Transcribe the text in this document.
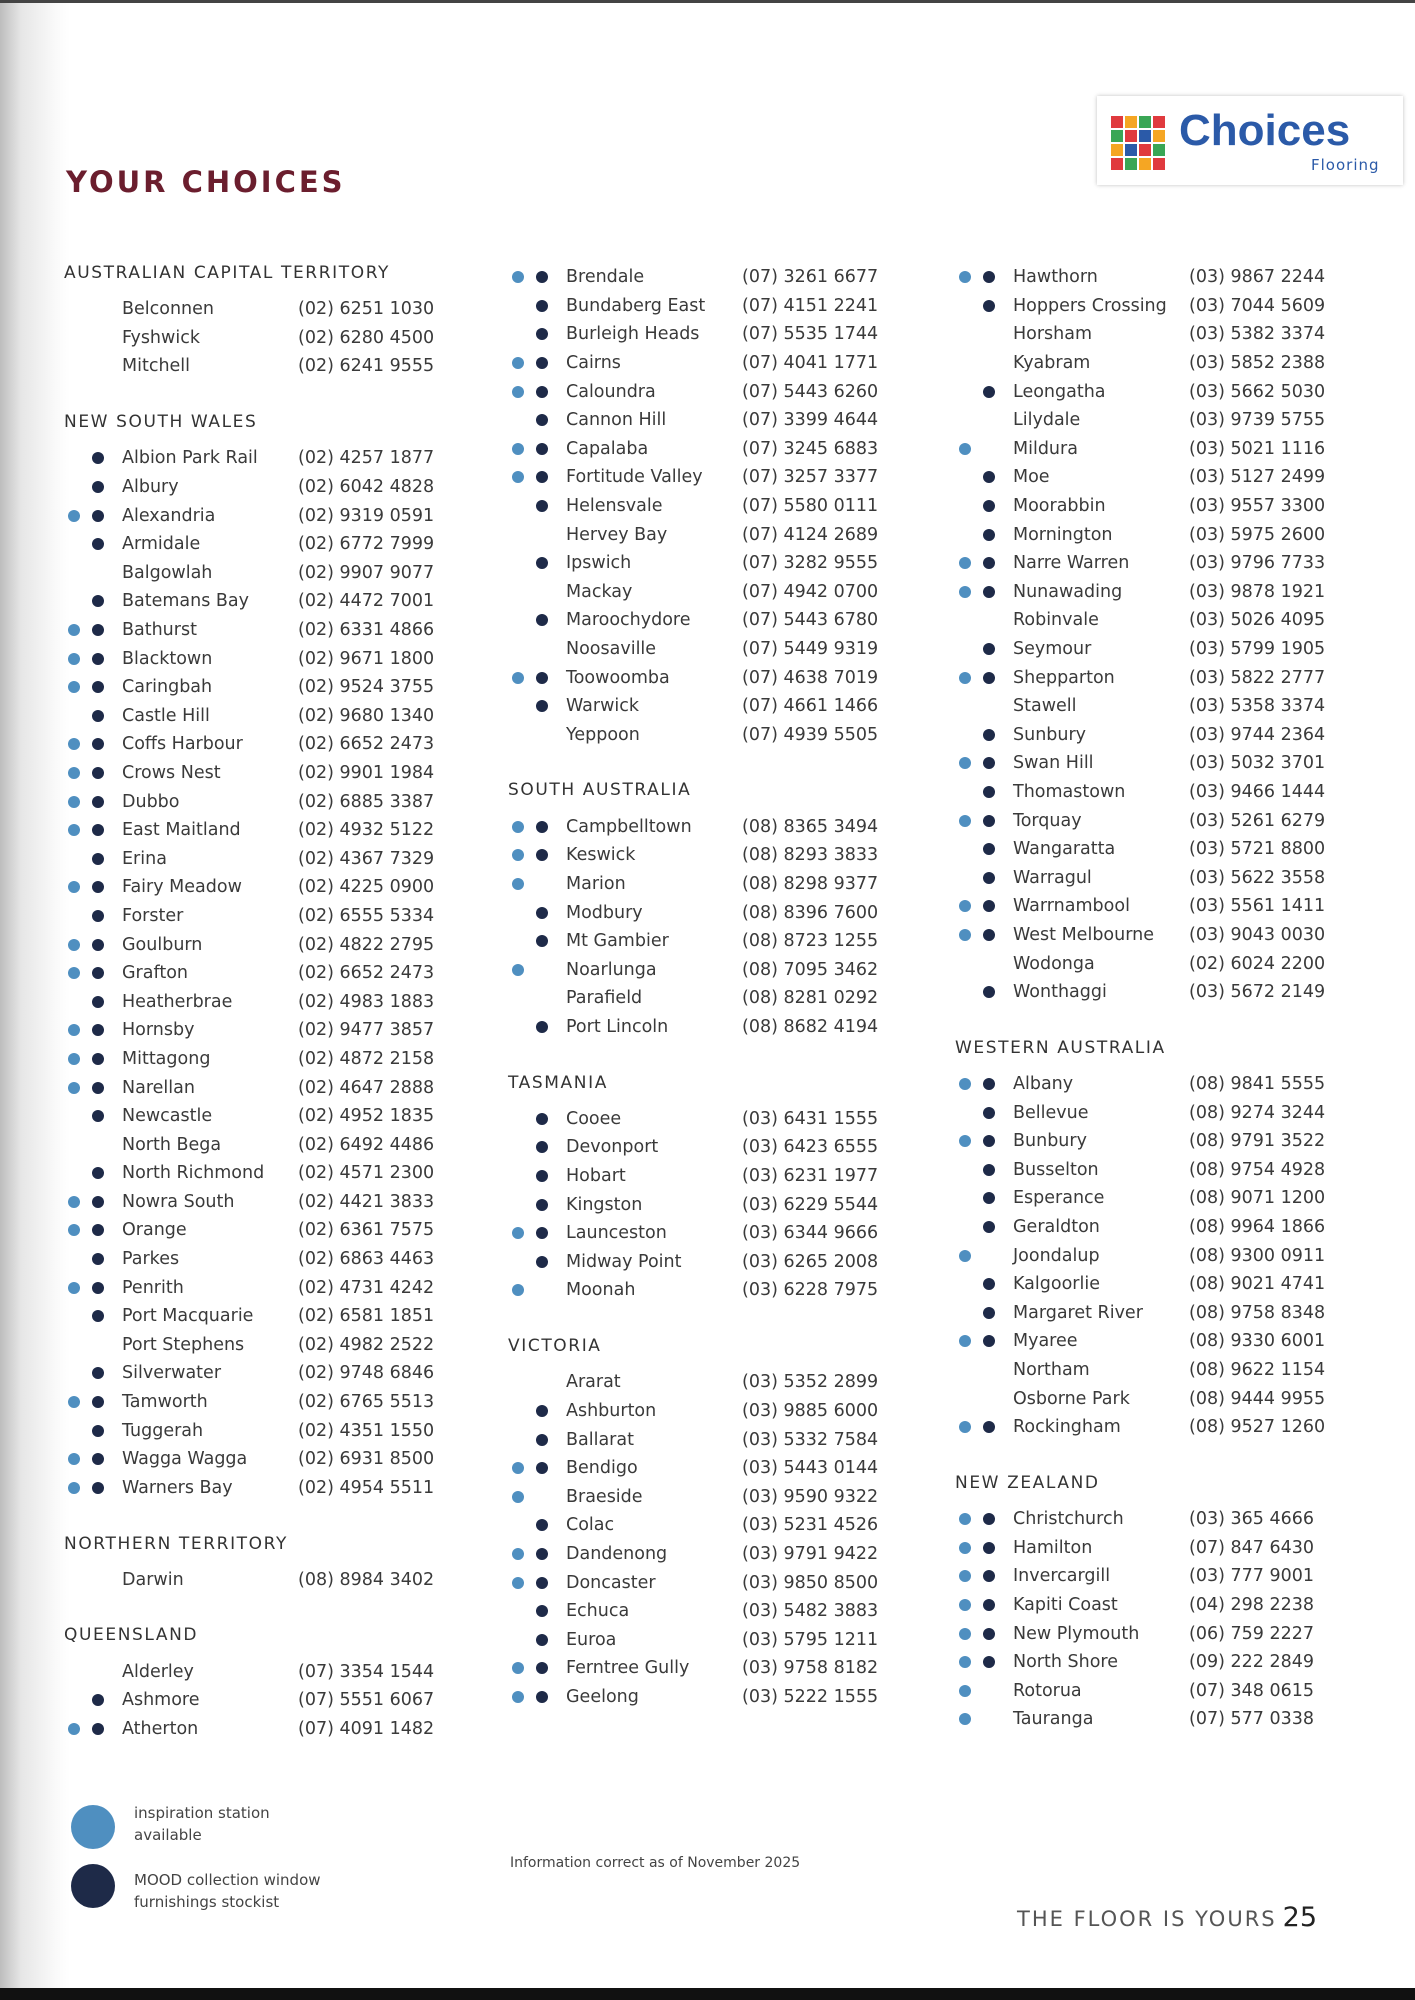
YOUR CHOICES
Choices
Flooring
AUSTRALIAN CAPITAL TERRITORY
Belconnen	(02) 6251 1030
Fyshwick	(02) 6280 4500
Mitchell	(02) 6241 9555
NEW SOUTH WALES
Albion Park Rail	(02) 4257 1877
Albury	(02) 6042 4828
Alexandria	(02) 9319 0591
Armidale	(02) 6772 7999
Balgowlah	(02) 9907 9077
Batemans Bay	(02) 4472 7001
Bathurst	(02) 6331 4866
Blacktown	(02) 9671 1800
Caringbah	(02) 9524 3755
Castle Hill	(02) 9680 1340
Coffs Harbour	(02) 6652 2473
Crows Nest	(02) 9901 1984
Dubbo	(02) 6885 3387
East Maitland	(02) 4932 5122
Erina	(02) 4367 7329
Fairy Meadow	(02) 4225 0900
Forster	(02) 6555 5334
Goulburn	(02) 4822 2795
Grafton	(02) 6652 2473
Heatherbrae	(02) 4983 1883
Hornsby	(02) 9477 3857
Mittagong	(02) 4872 2158
Narellan	(02) 4647 2888
Newcastle	(02) 4952 1835
North Bega	(02) 6492 4486
North Richmond	(02) 4571 2300
Nowra South	(02) 4421 3833
Orange	(02) 6361 7575
Parkes	(02) 6863 4463
Penrith	(02) 4731 4242
Port Macquarie	(02) 6581 1851
Port Stephens	(02) 4982 2522
Silverwater	(02) 9748 6846
Tamworth	(02) 6765 5513
Tuggerah	(02) 4351 1550
Wagga Wagga	(02) 6931 8500
Warners Bay	(02) 4954 5511
NORTHERN TERRITORY
Darwin	(08) 8984 3402
QUEENSLAND
Alderley	(07) 3354 1544
Ashmore	(07) 5551 6067
Atherton	(07) 4091 1482
Brendale	(07) 3261 6677
Bundaberg East	(07) 4151 2241
Burleigh Heads	(07) 5535 1744
Cairns	(07) 4041 1771
Caloundra	(07) 5443 6260
Cannon Hill	(07) 3399 4644
Capalaba	(07) 3245 6883
Fortitude Valley	(07) 3257 3377
Helensvale	(07) 5580 0111
Hervey Bay	(07) 4124 2689
Ipswich	(07) 3282 9555
Mackay	(07) 4942 0700
Maroochydore	(07) 5443 6780
Noosaville	(07) 5449 9319
Toowoomba	(07) 4638 7019
Warwick	(07) 4661 1466
Yeppoon	(07) 4939 5505
SOUTH AUSTRALIA
Campbelltown	(08) 8365 3494
Keswick	(08) 8293 3833
Marion	(08) 8298 9377
Modbury	(08) 8396 7600
Mt Gambier	(08) 8723 1255
Noarlunga	(08) 7095 3462
Parafield	(08) 8281 0292
Port Lincoln	(08) 8682 4194
TASMANIA
Cooee	(03) 6431 1555
Devonport	(03) 6423 6555
Hobart	(03) 6231 1977
Kingston	(03) 6229 5544
Launceston	(03) 6344 9666
Midway Point	(03) 6265 2008
Moonah	(03) 6228 7975
VICTORIA
Ararat	(03) 5352 2899
Ashburton	(03) 9885 6000
Ballarat	(03) 5332 7584
Bendigo	(03) 5443 0144
Braeside	(03) 9590 9322
Colac	(03) 5231 4526
Dandenong	(03) 9791 9422
Doncaster	(03) 9850 8500
Echuca	(03) 5482 3883
Euroa	(03) 5795 1211
Ferntree Gully	(03) 9758 8182
Geelong	(03) 5222 1555
Hawthorn	(03) 9867 2244
Hoppers Crossing	(03) 7044 5609
Horsham	(03) 5382 3374
Kyabram	(03) 5852 2388
Leongatha	(03) 5662 5030
Lilydale	(03) 9739 5755
Mildura	(03) 5021 1116
Moe	(03) 5127 2499
Moorabbin	(03) 9557 3300
Mornington	(03) 5975 2600
Narre Warren	(03) 9796 7733
Nunawading	(03) 9878 1921
Robinvale	(03) 5026 4095
Seymour	(03) 5799 1905
Shepparton	(03) 5822 2777
Stawell	(03) 5358 3374
Sunbury	(03) 9744 2364
Swan Hill	(03) 5032 3701
Thomastown	(03) 9466 1444
Torquay	(03) 5261 6279
Wangaratta	(03) 5721 8800
Warragul	(03) 5622 3558
Warrnambool	(03) 5561 1411
West Melbourne	(03) 9043 0030
Wodonga	(02) 6024 2200
Wonthaggi	(03) 5672 2149
WESTERN AUSTRALIA
Albany	(08) 9841 5555
Bellevue	(08) 9274 3244
Bunbury	(08) 9791 3522
Busselton	(08) 9754 4928
Esperance	(08) 9071 1200
Geraldton	(08) 9964 1866
Joondalup	(08) 9300 0911
Kalgoorlie	(08) 9021 4741
Margaret River	(08) 9758 8348
Myaree	(08) 9330 6001
Northam	(08) 9622 1154
Osborne Park	(08) 9444 9955
Rockingham	(08) 9527 1260
NEW ZEALAND
Christchurch	(03) 365 4666
Hamilton	(07) 847 6430
Invercargill	(03) 777 9001
Kapiti Coast	(04) 298 2238
New Plymouth	(06) 759 2227
North Shore	(09) 222 2849
Rotorua	(07) 348 0615
Tauranga	(07) 577 0338
inspiration station available
MOOD collection window furnishings stockist
Information correct as of November 2025
THE FLOOR IS YOURS 25
